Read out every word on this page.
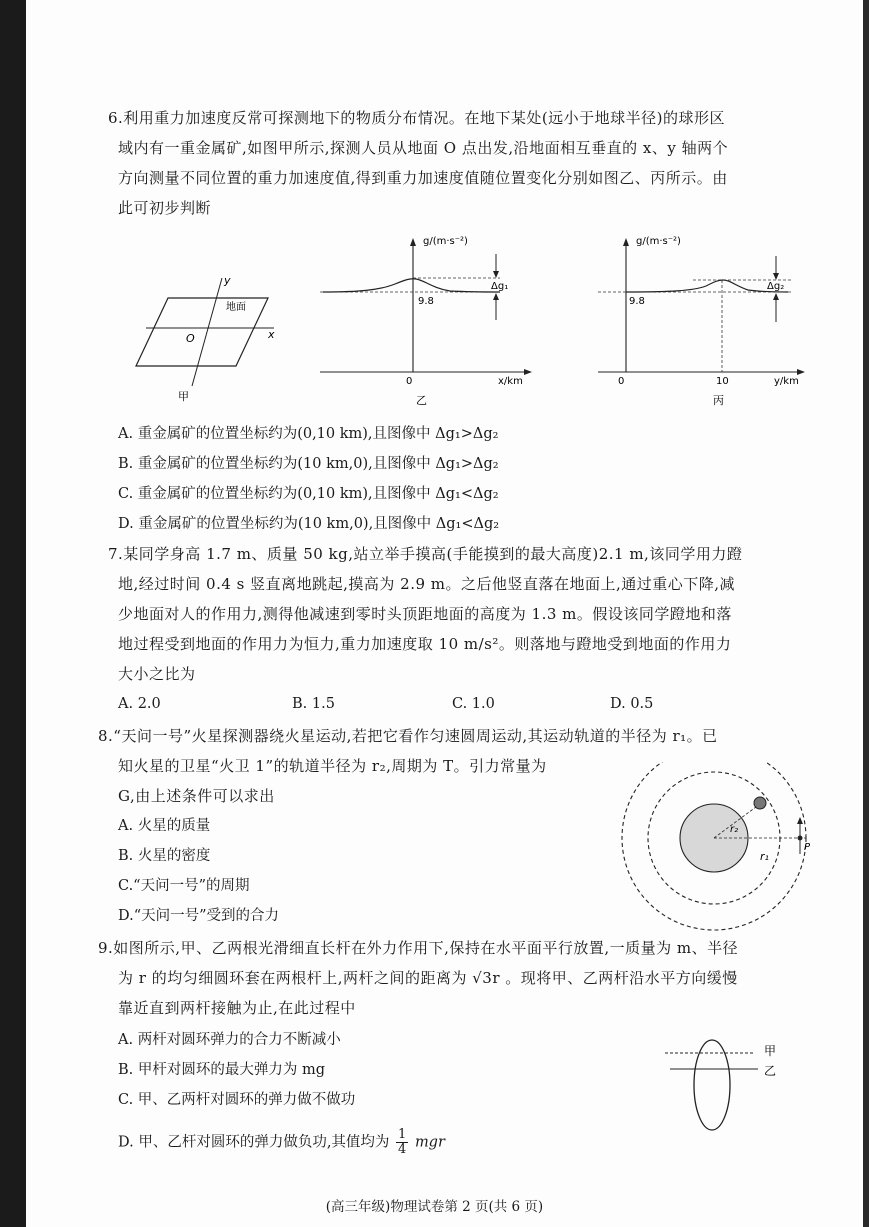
6.利用重力加速度反常可探测地下的物质分布情况。在地下某处(远小于地球半径)的球形区
域内有一重金属矿,如图甲所示,探测人员从地面 O 点出发,沿地面相互垂直的 x、y 轴两个
方向测量不同位置的重力加速度值,得到重力加速度值随位置变化分别如图乙、丙所示。由
此可初步判断
x
y
O
地面
甲
g/(m·s⁻²)
9.8
Δg₁
0	x/km
乙
g/(m·s⁻²)
9.8
Δg₂
0	10	y/km
丙
A. 重金属矿的位置坐标约为(0,10 km),且图像中 Δg₁>Δg₂
B. 重金属矿的位置坐标约为(10 km,0),且图像中 Δg₁>Δg₂
C. 重金属矿的位置坐标约为(0,10 km),且图像中 Δg₁<Δg₂
D. 重金属矿的位置坐标约为(10 km,0),且图像中 Δg₁<Δg₂
7.某同学身高 1.7 m、质量 50 kg,站立举手摸高(手能摸到的最大高度)2.1 m,该同学用力蹬
地,经过时间 0.4 s 竖直离地跳起,摸高为 2.9 m。之后他竖直落在地面上,通过重心下降,减
少地面对人的作用力,测得他减速到零时头顶距地面的高度为 1.3 m。假设该同学蹬地和落
地过程受到地面的作用力为恒力,重力加速度取 10 m/s²。则落地与蹬地受到地面的作用力
大小之比为
A. 2.0	B. 1.5	C. 1.0	D. 0.5
8.“天问一号”火星探测器绕火星运动,若把它看作匀速圆周运动,其运动轨道的半径为 r₁。已
知火星的卫星“火卫 1”的轨道半径为 r₂,周期为 T。引力常量为
G,由上述条件可以求出
A. 火星的质量
B. 火星的密度
C.“天问一号”的周期
D.“天问一号”受到的合力
r₂
r₁
P
9.如图所示,甲、乙两根光滑细直长杆在外力作用下,保持在水平面平行放置,一质量为 m、半径
为 r 的均匀细圆环套在两根杆上,两杆之间的距离为 √3r 。现将甲、乙两杆沿水平方向缓慢
靠近直到两杆接触为止,在此过程中
A. 两杆对圆环弹力的合力不断减小
B. 甲杆对圆环的最大弹力为 mg
C. 甲、乙两杆对圆环的弹力做不做功
D. 甲、乙杆对圆环的弹力做负功,其值均为 $\frac{1}{4}$ mgr
甲
乙
(高三年级)物理试卷第 2 页(共 6 页)
